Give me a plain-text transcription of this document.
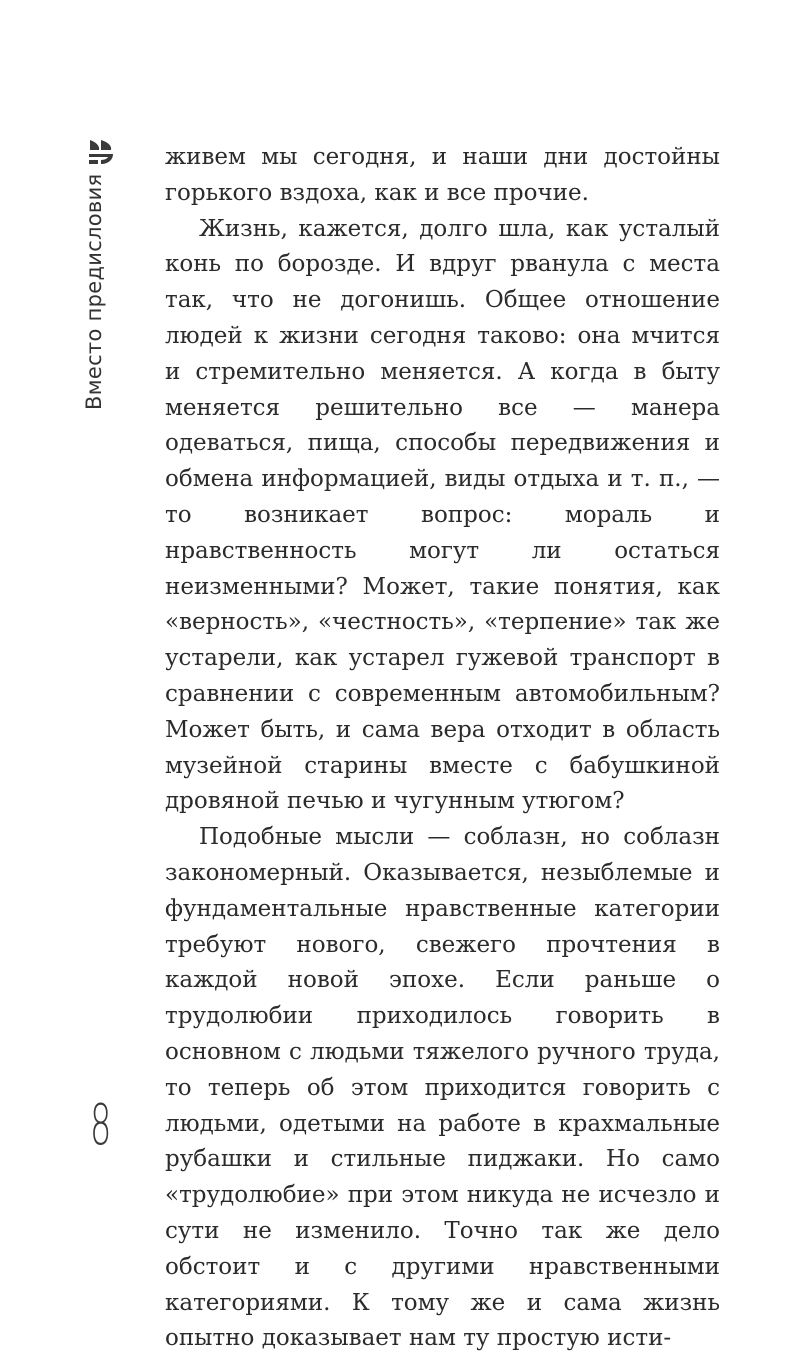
Вместо предисловия
8

живем мы сегодня, и наши дни достойны горького вздоха, как и все прочие.

Жизнь, кажется, долго шла, как усталый конь по борозде. И вдруг рванула с места так, что не догонишь. Общее отношение людей к жизни сегодня таково: она мчится и стремительно меняется. А когда в быту меняется решительно все — манера одеваться, пища, способы передвижения и обмена информацией, виды отдыха и т. п., — то возникает вопрос: мораль и нравственность могут ли остаться неизменными? Может, такие понятия, как «верность», «честность», «терпение» так же устарели, как устарел гужевой транспорт в сравнении с современным автомобильным? Может быть, и сама вера отходит в область музейной старины вместе с бабушкиной дровяной печью и чугунным утюгом?

Подобные мысли — соблазн, но соблазн закономерный. Оказывается, незыблемые и фундаментальные нравственные категории требуют нового, свежего прочтения в каждой новой эпохе. Если раньше о трудолюбии приходилось говорить в основном с людьми тяжелого ручного труда, то теперь об этом приходится говорить с людьми, одетыми на работе в крахмальные рубашки и стильные пиджаки. Но само «трудолюбие» при этом никуда не исчезло и сути не изменило. Точно так же дело обстоит и с другими нравственными категориями. К тому же и сама жизнь опытно доказывает нам ту простую исти-
